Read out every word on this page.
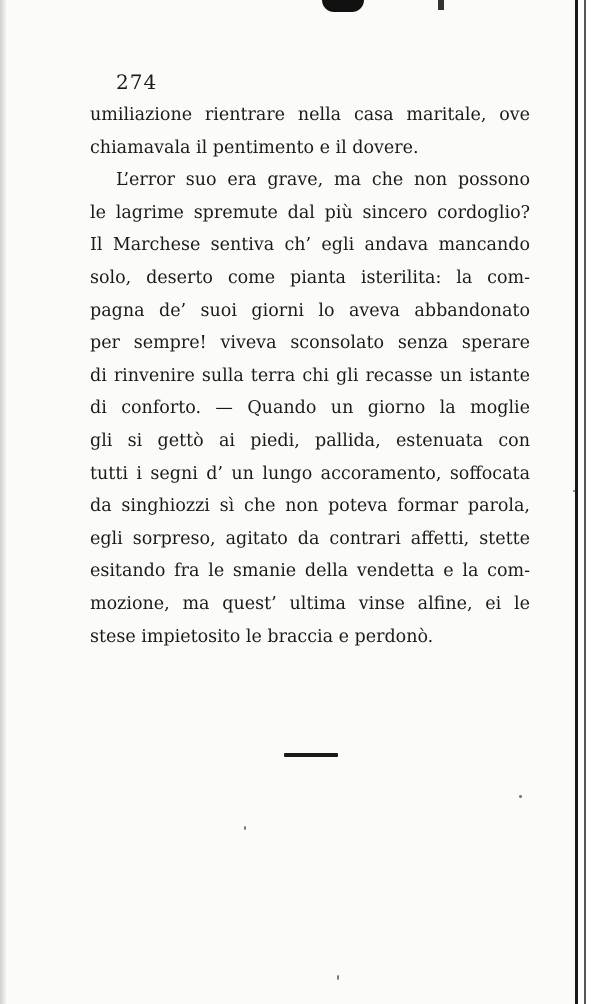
274
umiliazione rientrare nella casa maritale, ove
chiamavala il pentimento e il dovere.
L’error suo era grave, ma che non possono
le lagrime spremute dal più sincero cordoglio?
Il Marchese sentiva ch’ egli andava mancando
solo, deserto come pianta isterilita: la com-
pagna de’ suoi giorni lo aveva abbandonato
per sempre! viveva sconsolato senza sperare
di rinvenire sulla terra chi gli recasse un istante
di conforto. — Quando un giorno la moglie
gli si gettò ai piedi, pallida, estenuata con
tutti i segni d’ un lungo accoramento, soffocata
da singhiozzi sì che non poteva formar parola,
egli sorpreso, agitato da contrari affetti, stette
esitando fra le smanie della vendetta e la com-
mozione, ma quest’ ultima vinse alfine, ei le
stese impietosito le braccia e perdonò.
